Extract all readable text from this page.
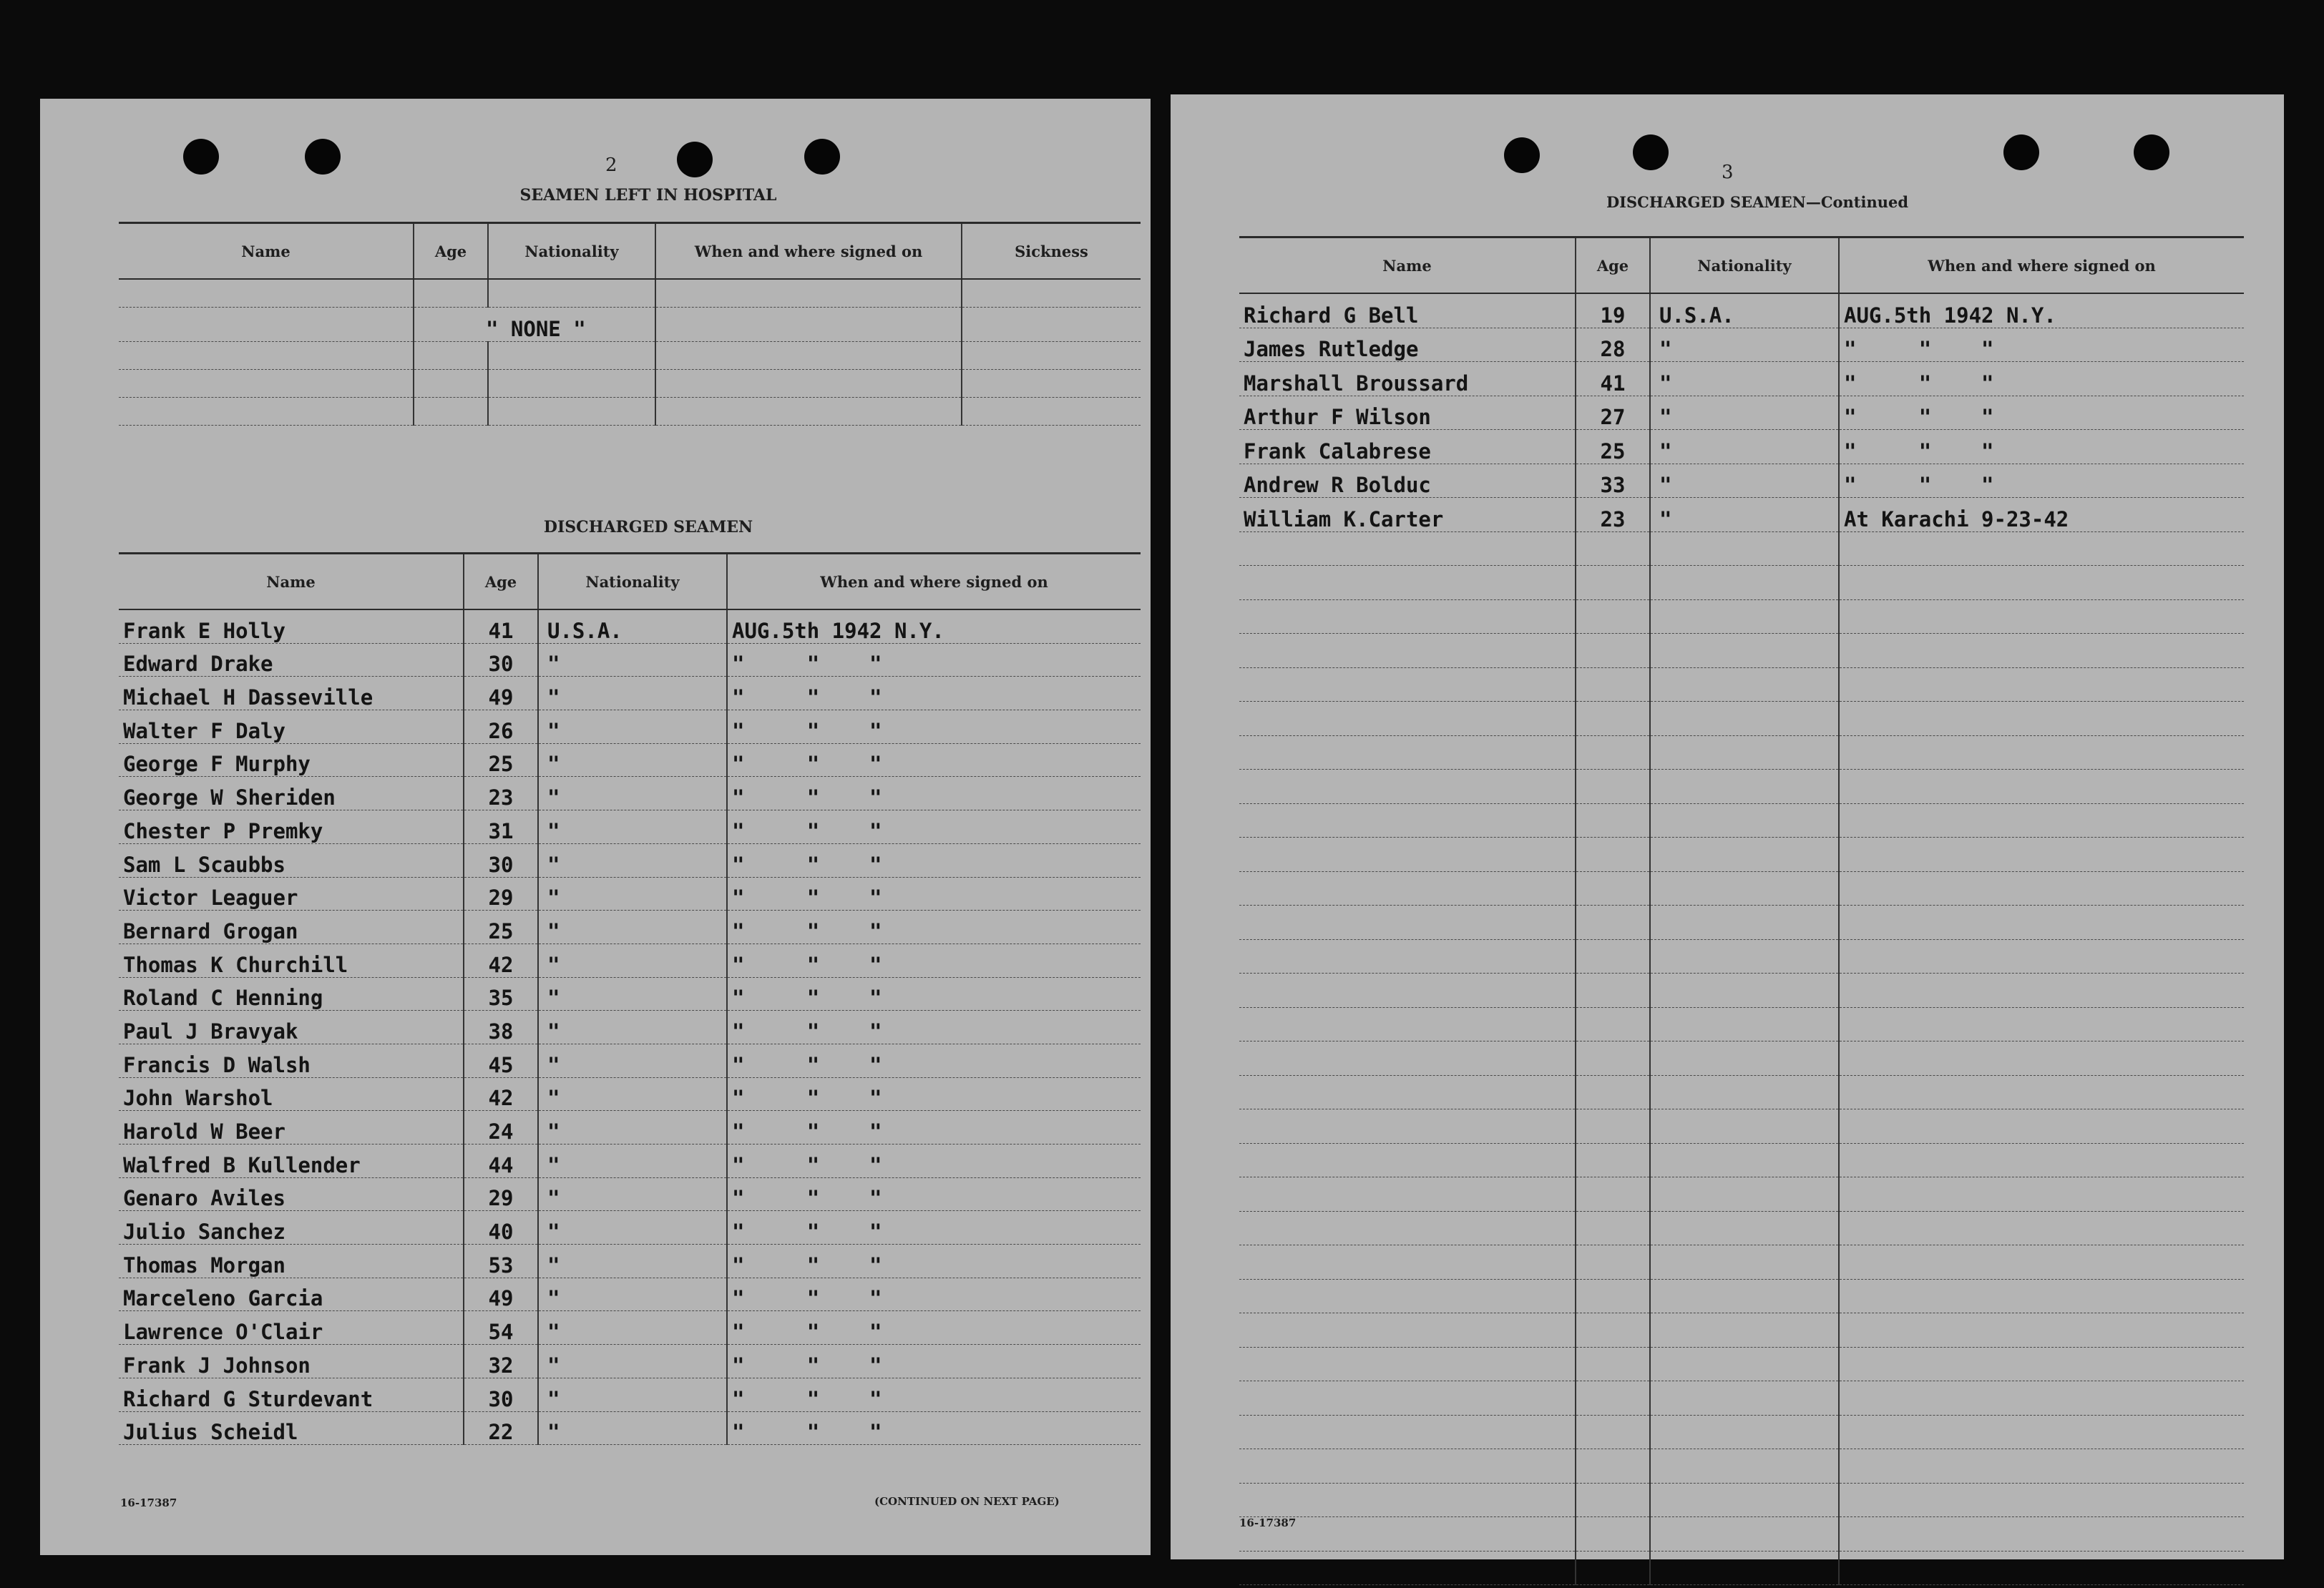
2
SEAMEN LEFT IN HOSPITAL
Name	Age	Nationality	When and where signed on	Sickness

	" NONE "			

DISCHARGED SEAMEN
Name	Age	Nationality	When and where signed on
Frank E Holly	41	U.S.A.	AUG.5th 1942 N.Y.
Edward Drake	30	"	"     "    "
Michael H Dasseville	49	"	"     "    "
Walter F Daly	26	"	"     "    "
George F Murphy	25	"	"     "    "
George W Sheriden	23	"	"     "    "
Chester P Premky	31	"	"     "    "
Sam L Scaubbs	30	"	"     "    "
Victor Leaguer	29	"	"     "    "
Bernard Grogan	25	"	"     "    "
Thomas K Churchill	42	"	"     "    "
Roland C Henning	35	"	"     "    "
Paul J Bravyak	38	"	"     "    "
Francis D Walsh	45	"	"     "    "
John Warshol	42	"	"     "    "
Harold W Beer	24	"	"     "    "
Walfred B Kullender	44	"	"     "    "
Genaro Aviles	29	"	"     "    "
Julio Sanchez	40	"	"     "    "
Thomas Morgan	53	"	"     "    "
Marceleno Garcia	49	"	"     "    "
Lawrence O'Clair	54	"	"     "    "
Frank J Johnson	32	"	"     "    "
Richard G Sturdevant	30	"	"     "    "
Julius Scheidl	22	"	"     "    "
16-17387	(CONTINUED ON NEXT PAGE)
3
DISCHARGED SEAMEN—Continued
Name	Age	Nationality	When and where signed on
Richard G Bell	19	U.S.A.	AUG.5th 1942 N.Y.
James Rutledge	28	"	"     "    "
Marshall Broussard	41	"	"     "    "
Arthur F Wilson	27	"	"     "    "
Frank Calabrese	25	"	"     "    "
Andrew R Bolduc	33	"	"     "    "
William K.Carter	23	"	At Karachi 9-23-42

16-17387
